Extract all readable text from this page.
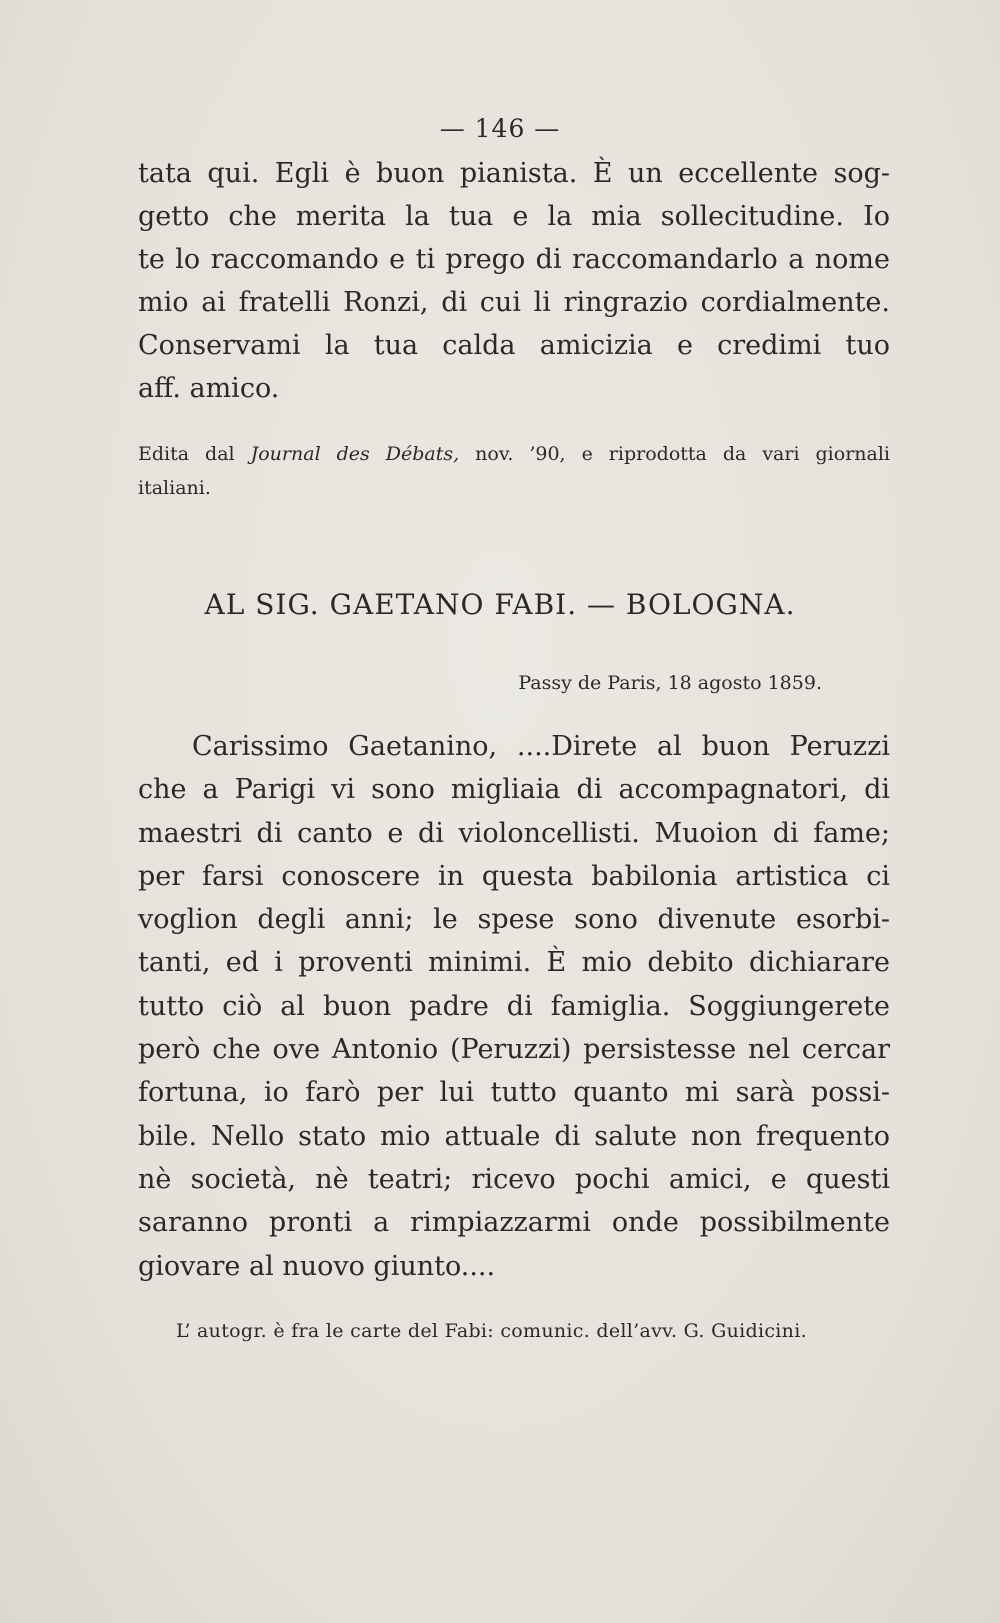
— 146 —
tata qui. Egli è buon pianista. È un eccellente sog-
getto che merita la tua e la mia sollecitudine. Io
te lo raccomando e ti prego di raccomandarlo a nome
mio ai fratelli Ronzi, di cui li ringrazio cordialmente.
Conservami la tua calda amicizia e credimi tuo
aff. amico.
Edita dal Journal des Débats, nov. ’90, e riprodotta da vari giornali
italiani.
AL SIG. GAETANO FABI. — BOLOGNA.
Passy de Paris, 18 agosto 1859.
Carissimo Gaetanino, ....Direte al buon Peruzzi
che a Parigi vi sono migliaia di accompagnatori, di
maestri di canto e di violoncellisti. Muoion di fame;
per farsi conoscere in questa babilonia artistica ci
voglion degli anni; le spese sono divenute esorbi-
tanti, ed i proventi minimi. È mio debito dichiarare
tutto ciò al buon padre di famiglia. Soggiungerete
però che ove Antonio (Peruzzi) persistesse nel cercar
fortuna, io farò per lui tutto quanto mi sarà possi-
bile. Nello stato mio attuale di salute non frequento
nè società, nè teatri; ricevo pochi amici, e questi
saranno pronti a rimpiazzarmi onde possibilmente
giovare al nuovo giunto....
L’ autogr. è fra le carte del Fabi: comunic. dell’avv. G. Guidicini.
